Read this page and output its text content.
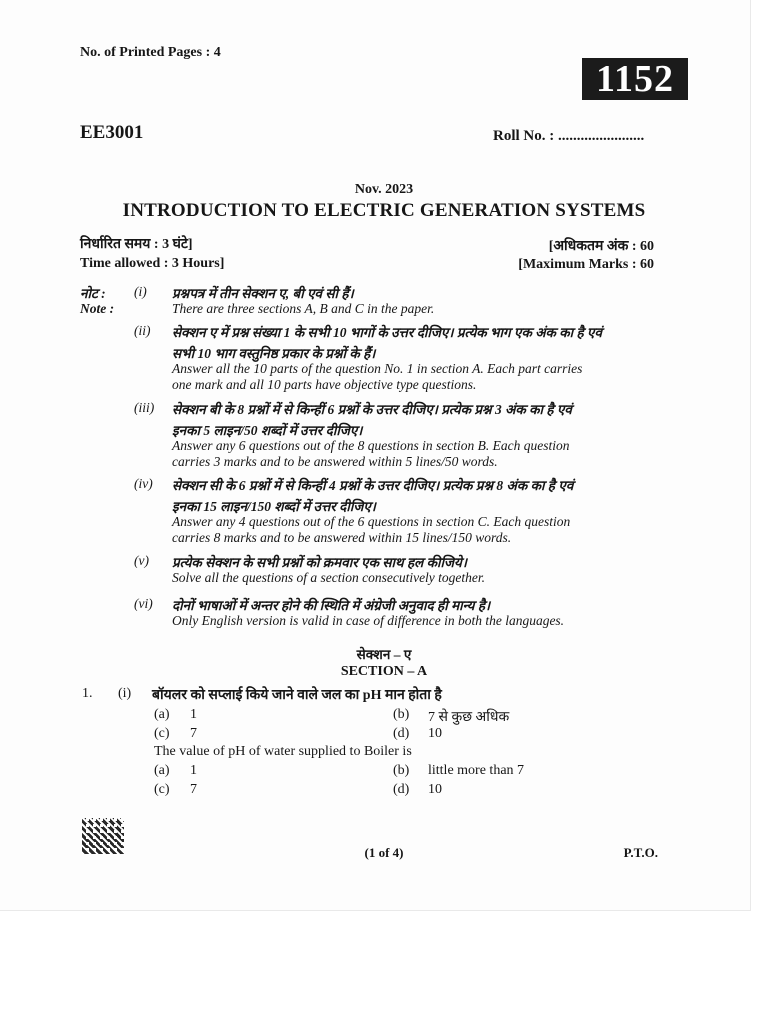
No. of Printed Pages : 4
1152
EE3001	Roll No. : .......................
Nov. 2023
INTRODUCTION TO ELECTRIC GENERATION SYSTEMS
निर्धारित समय : 3 घंटे]
Time allowed : 3 Hours]
[अधिकतम अंक : 60
[Maximum Marks : 60
नोट :
Note :
(i) प्रश्नपत्र में तीन सेक्शन ए, बी एवं सी हैं।
There are three sections A, B and C in the paper.
(ii) सेक्शन ए में प्रश्न संख्या 1 के सभी 10 भागों के उत्तर दीजिए। प्रत्येक भाग एक अंक का है एवं
सभी 10 भाग वस्तुनिष्ठ प्रकार के प्रश्नों के हैं।
Answer all the 10 parts of the question No. 1 in section A. Each part carries
one mark and all 10 parts have objective type questions.
(iii) सेक्शन बी के 8 प्रश्नों में से किन्हीं 6 प्रश्नों के उत्तर दीजिए। प्रत्येक प्रश्न 3 अंक का है एवं
इनका 5 लाइन/50 शब्दों में उत्तर दीजिए।
Answer any 6 questions out of the 8 questions in section B. Each question
carries 3 marks and to be answered within 5 lines/50 words.
(iv) सेक्शन सी के 6 प्रश्नों में से किन्हीं 4 प्रश्नों के उत्तर दीजिए। प्रत्येक प्रश्न 8 अंक का है एवं
इनका 15 लाइन/150 शब्दों में उत्तर दीजिए।
Answer any 4 questions out of the 6 questions in section C. Each question
carries 8 marks and to be answered within 15 lines/150 words.
(v) प्रत्येक सेक्शन के सभी प्रश्नों को क्रमवार एक साथ हल कीजिये।
Solve all the questions of a section consecutively together.
(vi) दोनों भाषाओं में अन्तर होने की स्थिति में अंग्रेजी अनुवाद ही मान्य है।
Only English version is valid in case of difference in both the languages.
सेक्शन – ए
SECTION – A
1. (i) बॉयलर को सप्लाई किये जाने वाले जल का pH मान होता है
The value of pH of water supplied to Boiler is
(a) 1	(b) 7 से कुछ अधिक
(c) 7	(d) 10
(a) 1	(b) little more than 7
(c) 7	(d) 10
(1 of 4)	P.T.O.
